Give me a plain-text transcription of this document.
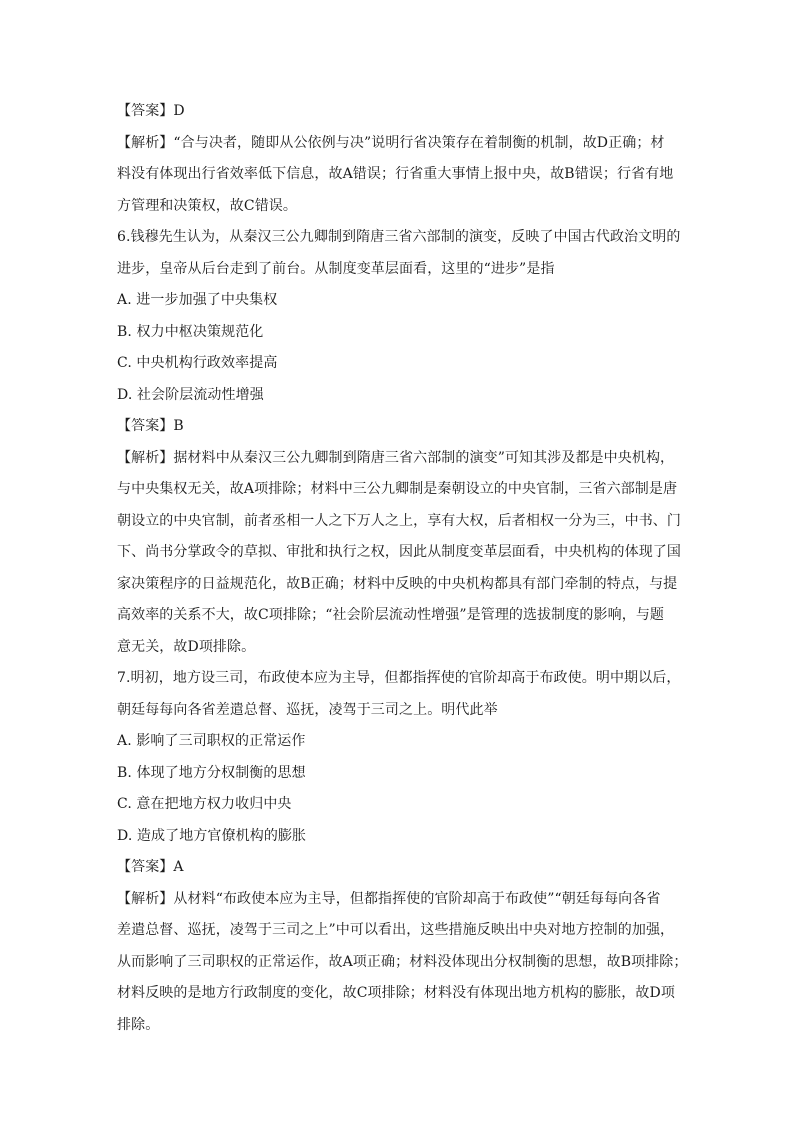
【答案】D
【解析】“合与决者，随即从公依例与决”说明行省决策存在着制衡的机制，故D正确；材
料没有体现出行省效率低下信息，故A错误；行省重大事情上报中央，故B错误；行省有地
方管理和决策权，故C错误。
6.钱穆先生认为，从秦汉三公九卿制到隋唐三省六部制的演变，反映了中国古代政治文明的
进步，皇帝从后台走到了前台。从制度变革层面看，这里的“进步”是指
A. 进一步加强了中央集权
B. 权力中枢决策规范化
C. 中央机构行政效率提高
D. 社会阶层流动性增强
【答案】B
【解析】据材料中从秦汉三公九卿制到隋唐三省六部制的演变”可知其涉及都是中央机构，
与中央集权无关，故A项排除；材料中三公九卿制是秦朝设立的中央官制，三省六部制是唐
朝设立的中央官制，前者丞相一人之下万人之上，享有大权，后者相权一分为三，中书、门
下、尚书分掌政令的草拟、审批和执行之权，因此从制度变革层面看，中央机构的体现了国
家决策程序的日益规范化，故B正确；材料中反映的中央机构都具有部门牵制的特点，与提
高效率的关系不大，故C项排除；“社会阶层流动性增强”是管理的选拔制度的影响，与题
意无关，故D项排除。
7.明初，地方设三司，布政使本应为主导，但都指挥使的官阶却高于布政使。明中期以后，
朝廷每每向各省差遣总督、巡抚，凌驾于三司之上。明代此举
A. 影响了三司职权的正常运作
B. 体现了地方分权制衡的思想
C. 意在把地方权力收归中央
D. 造成了地方官僚机构的膨胀
【答案】A
【解析】从材料“布政使本应为主导，但都指挥使的官阶却高于布政使”“朝廷每每向各省
差遣总督、巡抚，凌驾于三司之上”中可以看出，这些措施反映出中央对地方控制的加强，
从而影响了三司职权的正常运作，故A项正确；材料没体现出分权制衡的思想，故B项排除；
材料反映的是地方行政制度的变化，故C项排除；材料没有体现出地方机构的膨胀，故D项
排除。
